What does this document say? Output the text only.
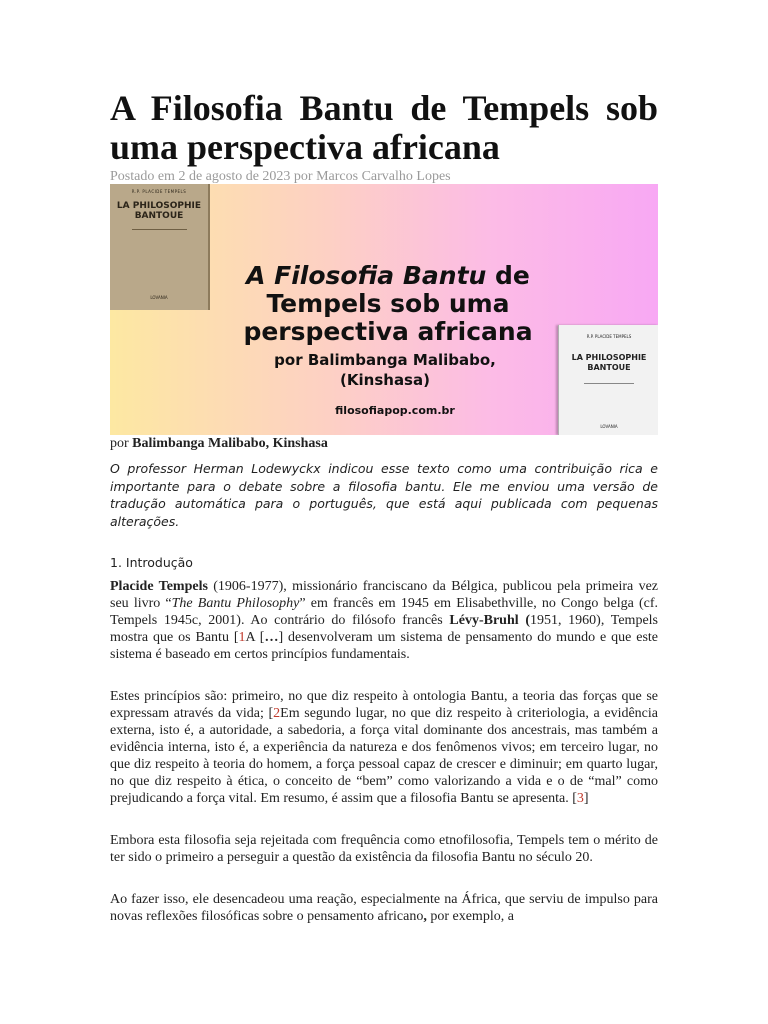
A Filosofia Bantu de Tempels sob uma perspectiva africana
Postado em 2 de agosto de 2023 por Marcos Carvalho Lopes
R.P. PLACIDE TEMPELS
LA PHILOSOPHIE BANTOUE
LOVANIA
A Filosofia Bantu de
Tempels sob uma
perspectiva africana
por Balimbanga Malibabo,
(Kinshasa)
filosofiapop.com.br
R.P. PLACIDE TEMPELS
LA PHILOSOPHIE BANTOUE
LOVANIA

por Balimbanga Malibabo, Kinshasa

O professor Herman Lodewyckx indicou esse texto como uma contribuição rica e importante para o debate sobre a filosofia bantu. Ele me enviou uma versão de tradução automática para o português, que está aqui publicada com pequenas alterações.

1. Introdução

Placide Tempels (1906-1977), missionário franciscano da Bélgica, publicou pela primeira vez seu livro “The Bantu Philosophy” em francês em 1945 em Elisabethville, no Congo belga (cf. Tempels 1945c, 2001). Ao contrário do filósofo francês Lévy-Bruhl (1951, 1960), Tempels mostra que os Bantu [1A […] desenvolveram um sistema de pensamento do mundo e que este sistema é baseado em certos princípios fundamentais.

Estes princípios são: primeiro, no que diz respeito à ontologia Bantu, a teoria das forças que se expressam através da vida; [2Em segundo lugar, no que diz respeito à criteriologia, a evidência externa, isto é, a autoridade, a sabedoria, a força vital dominante dos ancestrais, mas também a evidência interna, isto é, a experiência da natureza e dos fenômenos vivos; em terceiro lugar, no que diz respeito à teoria do homem, a força pessoal capaz de crescer e diminuir; em quarto lugar, no que diz respeito à ética, o conceito de “bem” como valorizando a vida e o de “mal” como prejudicando a força vital. Em resumo, é assim que a filosofia Bantu se apresenta. [3]

Embora esta filosofia seja rejeitada com frequência como etnofilosofia, Tempels tem o mérito de ter sido o primeiro a perseguir a questão da existência da filosofia Bantu no século 20.

Ao fazer isso, ele desencadeou uma reação, especialmente na África, que serviu de impulso para novas reflexões filosóficas sobre o pensamento africano, por exemplo, a
